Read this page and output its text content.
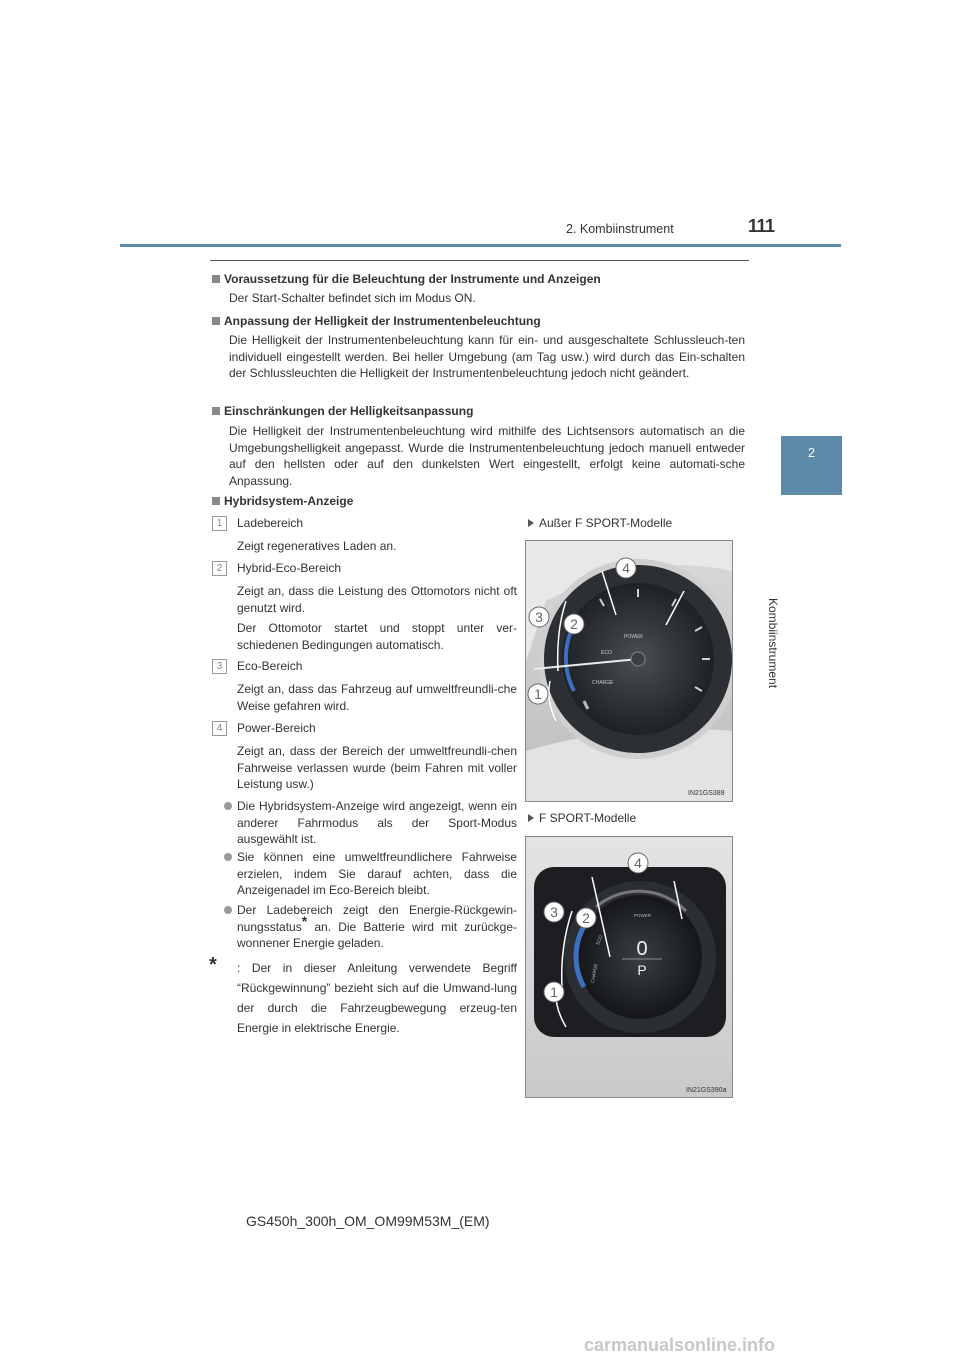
2. Kombiinstrument	111
2
Kombiinstrument
Voraussetzung für die Beleuchtung der Instrumente und Anzeigen
Der Start-Schalter befindet sich im Modus ON.
Anpassung der Helligkeit der Instrumentenbeleuchtung
Die Helligkeit der Instrumentenbeleuchtung kann für ein- und ausgeschaltete Schlussleuch-ten individuell eingestellt werden. Bei heller Umgebung (am Tag usw.) wird durch das Ein-schalten der Schlussleuchten die Helligkeit der Instrumentenbeleuchtung jedoch nicht geändert.
Einschränkungen der Helligkeitsanpassung
Die Helligkeit der Instrumentenbeleuchtung wird mithilfe des Lichtsensors automatisch an die Umgebungshelligkeit angepasst. Wurde die Instrumentenbeleuchtung jedoch manuell entweder auf den hellsten oder auf den dunkelsten Wert eingestellt, erfolgt keine automati-sche Anpassung.
Hybridsystem-Anzeige
1	Ladebereich
Zeigt regeneratives Laden an.
2	Hybrid-Eco-Bereich
Zeigt an, dass die Leistung des Ottomotors nicht oft genutzt wird.
Der Ottomotor startet und stoppt unter ver-schiedenen Bedingungen automatisch.
3	Eco-Bereich
Zeigt an, dass das Fahrzeug auf umweltfreundli-che Weise gefahren wird.
4	Power-Bereich
Zeigt an, dass der Bereich der umweltfreundli-chen Fahrweise verlassen wurde (beim Fahren mit voller Leistung usw.)
Die Hybridsystem-Anzeige wird angezeigt, wenn ein anderer Fahrmodus als der Sport-Modus ausgewählt ist.
Sie können eine umweltfreundlichere Fahrweise erzielen, indem Sie darauf achten, dass die Anzeigenadel im Eco-Bereich bleibt.
Der Ladebereich zeigt den Energie-Rückgewin-nungsstatus* an. Die Batterie wird mit zurückge-wonnener Energie geladen.
*	: Der in dieser Anleitung verwendete Begriff “Rückgewinnung” bezieht sich auf die Umwand-lung der durch die Fahrzeugbewegung erzeug-ten Energie in elektrische Energie.
Außer F SPORT-Modelle
POWER
ECO
CHARGE
4
3 2
1
IN21GS389
F SPORT-Modelle
POWER
ECO
CHARGE
0
P
4
3 2
1
IN21GS390a
GS450h_300h_OM_OM99M53M_(EM)
carmanualsonline.info
